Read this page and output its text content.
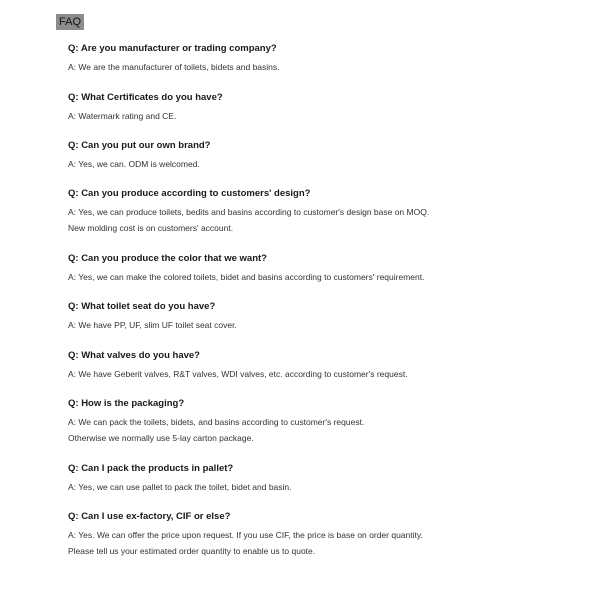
FAQ
Q: Are you manufacturer or trading company?
A: We are the manufacturer of toilets, bidets and basins.
Q: What Certificates do you have?
A: Watermark rating and CE.
Q: Can you put our own brand?
A: Yes, we can. ODM is welcomed.
Q: Can you produce according to customers' design?
A: Yes, we can produce toilets, bedits and basins according to customer's design base on MOQ.
New molding cost is on customers' account.
Q: Can you produce the color that we want?
A: Yes, we can make the colored toilets, bidet and basins according to customers' requirement.
Q: What toilet seat do you have?
A: We have PP, UF, slim UF toilet seat cover.
Q: What valves do you have?
A: We have Geberit valves, R&T valves, WDI valves, etc. according to customer's request.
Q: How is the packaging?
A: We can pack the toilets, bidets, and basins according to customer's request.
Otherwise we normally use 5-lay carton package.
Q: Can I pack the products in pallet?
A: Yes, we can use pallet to pack the toilet, bidet and basin.
Q: Can I use ex-factory, CIF or else?
A: Yes. We can offer the price upon request. If you use CIF, the price is base on order quantity.
Please tell us your estimated order quantity to enable us to quote.
